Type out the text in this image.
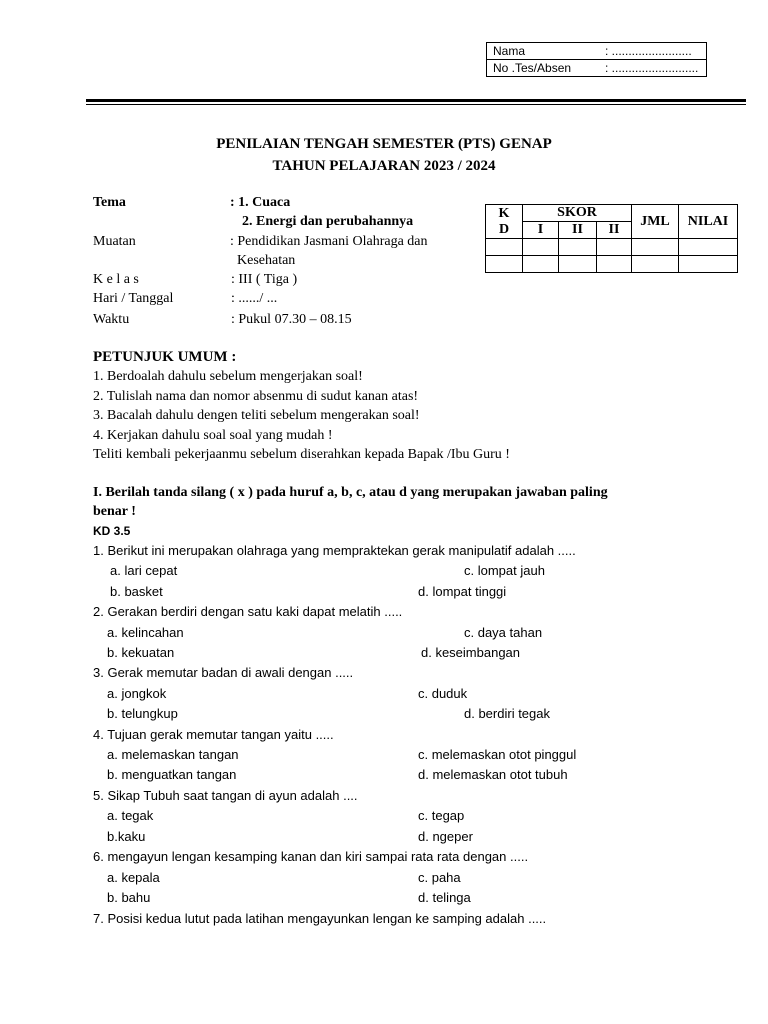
Nama	: ........................
No .Tes/Absen	: ..........................
PENILAIAN TENGAH SEMESTER (PTS) GENAP
TAHUN PELAJARAN 2023 / 2024
Tema	: 1. Cuaca
2. Energi dan perubahannya
Muatan	: Pendidikan Jasmani Olahraga dan
Kesehatan
K e l a s	: III ( Tiga )
Hari / Tanggal	: ....../ ...
Waktu	: Pukul 07.30 – 08.15
K
D	SKOR			JML	NILAI
	I	II	II		

PETUNJUK UMUM :
1. Berdoalah dahulu sebelum mengerjakan soal!
2. Tulislah nama dan nomor absenmu di sudut kanan atas!
3. Bacalah dahulu dengen teliti sebelum mengerakan soal!
4. Kerjakan dahulu soal soal yang mudah !
Teliti kembali pekerjaanmu sebelum diserahkan kepada Bapak /Ibu Guru !
I. Berilah tanda silang ( x ) pada huruf a, b, c, atau d yang merupakan jawaban paling
benar !
KD 3.5
1. Berikut ini merupakan olahraga yang mempraktekan gerak manipulatif adalah .....
a. lari cepat	c. lompat jauh
b. basket	d. lompat tinggi
2. Gerakan berdiri dengan satu kaki dapat melatih .....
a. kelincahan	c. daya tahan
b. kekuatan	d. keseimbangan
3. Gerak memutar badan di awali dengan .....
a. jongkok	c. duduk
b. telungkup	d. berdiri tegak
4. Tujuan gerak memutar tangan yaitu .....
a. melemaskan tangan	c. melemaskan otot pinggul
b. menguatkan tangan	d. melemaskan otot tubuh
5. Sikap Tubuh saat tangan di ayun adalah ....
a. tegak	c. tegap
b.kaku	d. ngeper
6. mengayun lengan kesamping kanan dan kiri sampai rata rata dengan .....
a. kepala	c. paha
b. bahu	d. telinga
7. Posisi kedua lutut pada latihan mengayunkan lengan ke samping adalah .....
